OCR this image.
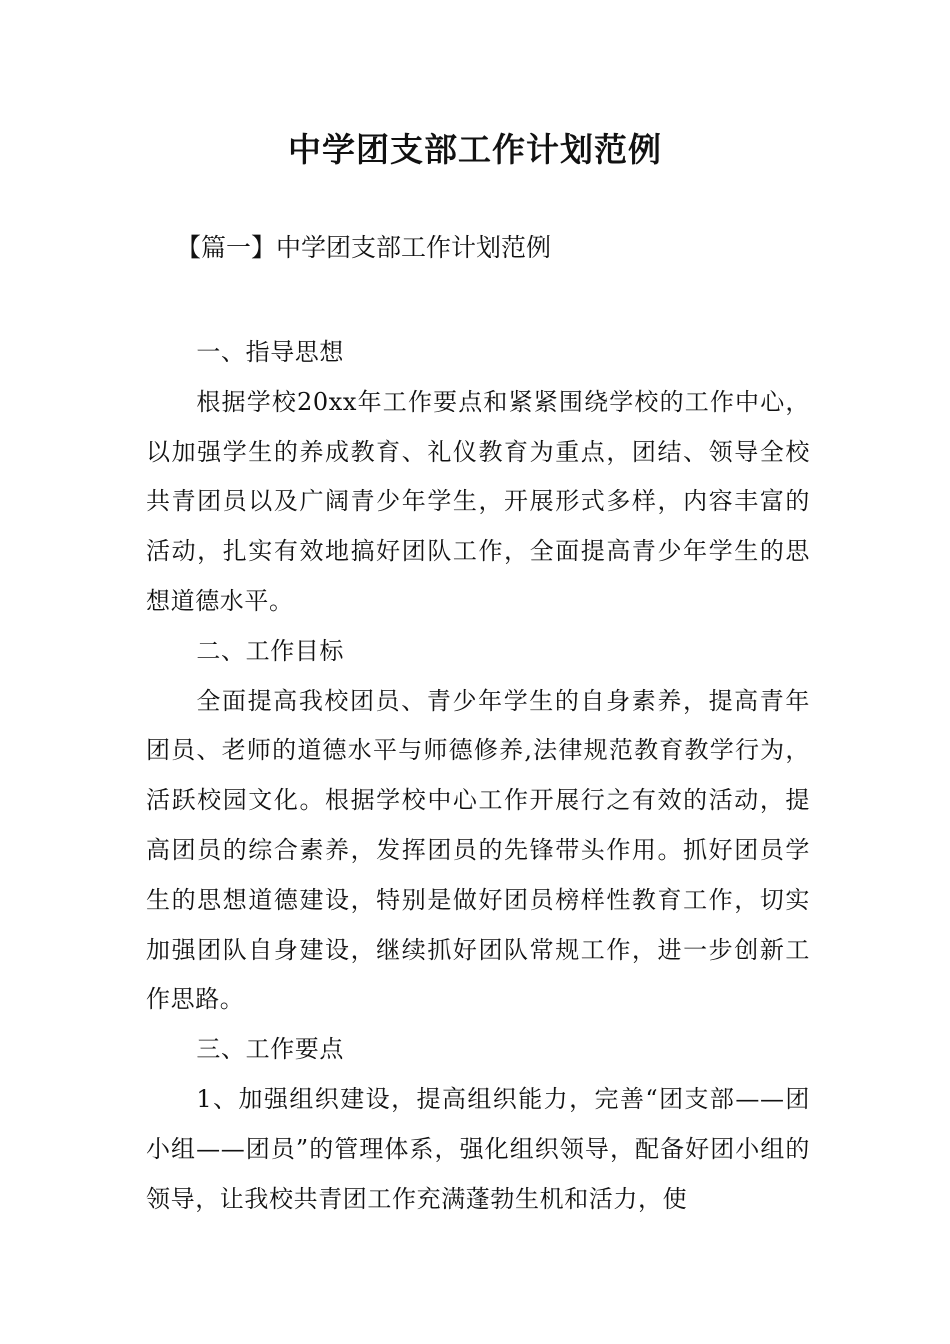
中学团支部工作计划范例
【篇一】中学团支部工作计划范例

一、指导思想

根据学校20xx年工作要点和紧紧围绕学校的工作中心，以加强学生的养成教育、礼仪教育为重点，团结、领导全校共青团员以及广阔青少年学生，开展形式多样，内容丰富的活动，扎实有效地搞好团队工作，全面提高青少年学生的思想道德水平。

二、工作目标

全面提高我校团员、青少年学生的自身素养，提高青年团员、老师的道德水平与师德修养,法律规范教育教学行为，活跃校园文化。根据学校中心工作开展行之有效的活动，提高团员的综合素养，发挥团员的先锋带头作用。抓好团员学生的思想道德建设，特别是做好团员榜样性教育工作，切实加强团队自身建设，继续抓好团队常规工作，进一步创新工作思路。

三、工作要点

1、加强组织建设，提高组织能力，完善“团支部——团小组——团员”的管理体系，强化组织领导，配备好团小组的领导，让我校共青团工作充满蓬勃生机和活力，使
